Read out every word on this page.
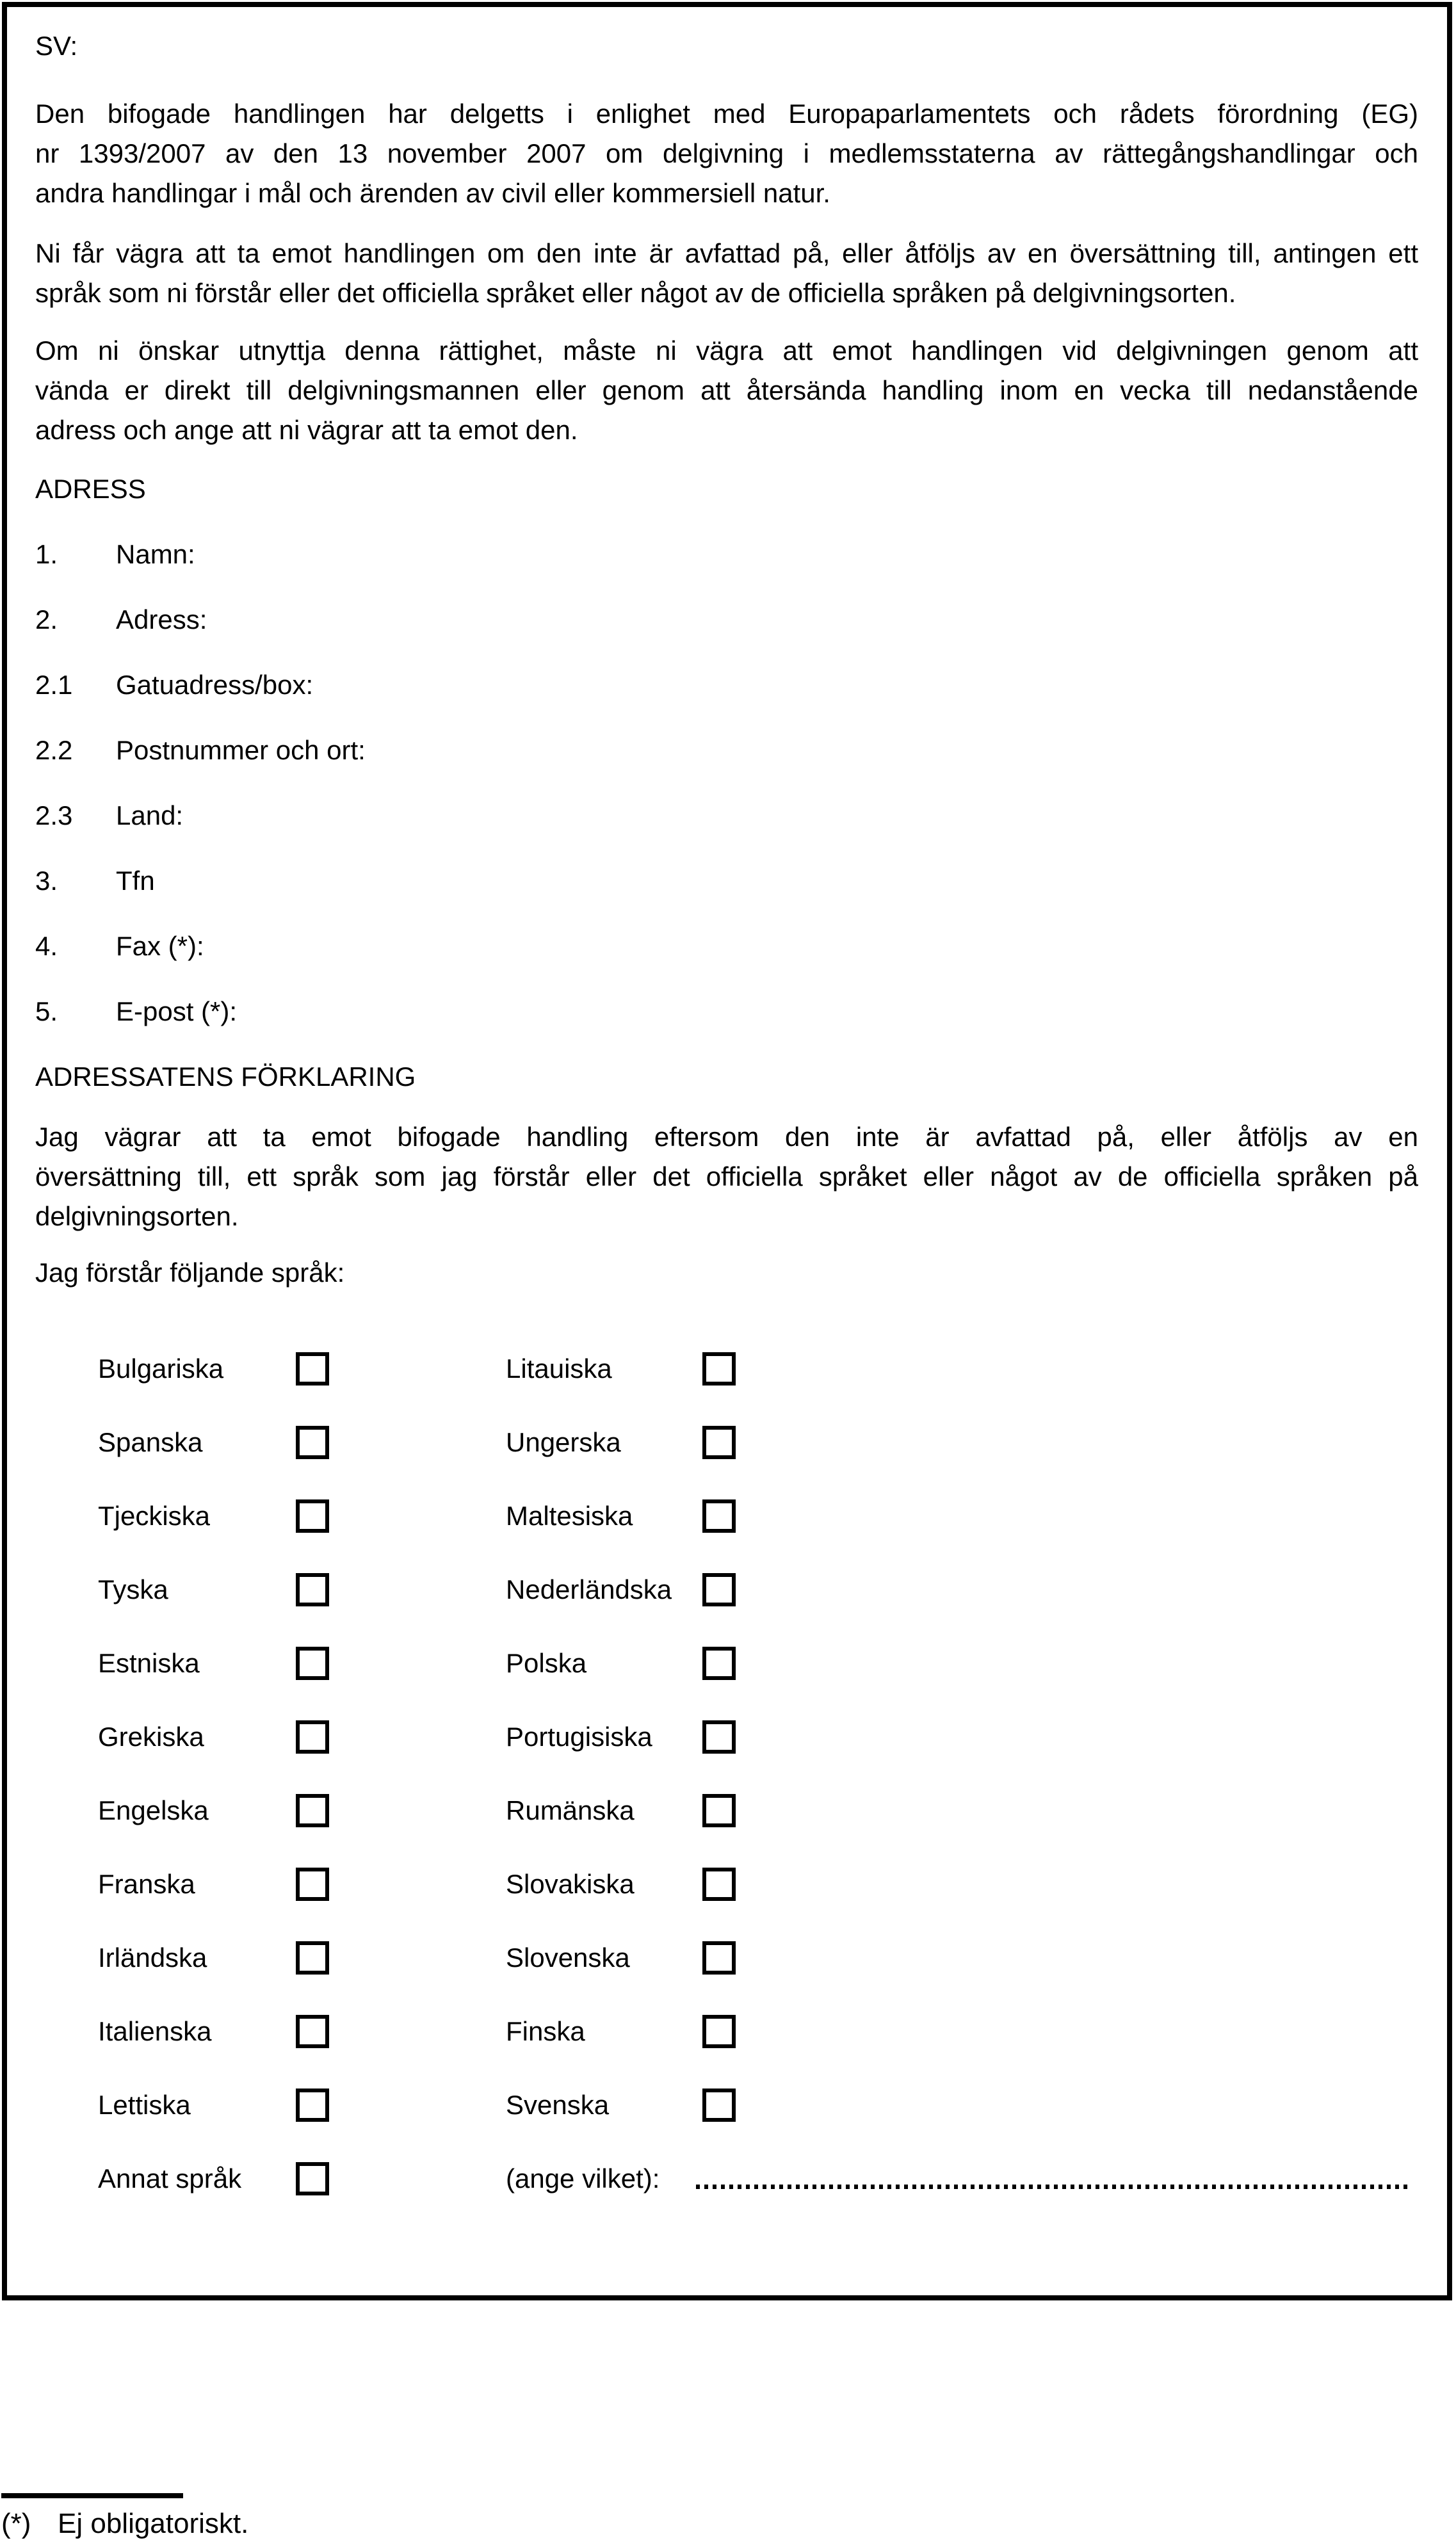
SV:

Den bifogade handlingen har delgetts i enlighet med Europaparlamentets och rådets förordning (EG)
nr 1393/2007 av den 13 november 2007 om delgivning i medlemsstaterna av rättegångshandlingar och
andra handlingar i mål och ärenden av civil eller kommersiell natur.
Ni får vägra att ta emot handlingen om den inte är avfattad på, eller åtföljs av en översättning till, antingen ett
språk som ni förstår eller det officiella språket eller något av de officiella språken på delgivningsorten.
Om ni önskar utnyttja denna rättighet, måste ni vägra att emot handlingen vid delgivningen genom att
vända er direkt till delgivningsmannen eller genom att återsända handling inom en vecka till nedanstående
adress och ange att ni vägrar att ta emot den.
ADRESS
1.	Namn:
2.	Adress:
2.1	Gatuadress/box:
2.2	Postnummer och ort:
2.3	Land:
3.	Tfn
4.	Fax (*):
5.	E-post (*):
ADRESSATENS FÖRKLARING
Jag vägrar att ta emot bifogade handling eftersom den inte är avfattad på, eller åtföljs av en
översättning till, ett språk som jag förstår eller det officiella språket eller något av de officiella språken på
delgivningsorten.
Jag förstår följande språk:
Bulgariska	Litauiska
Spanska	Ungerska
Tjeckiska	Maltesiska
Tyska	Nederländska
Estniska	Polska
Grekiska	Portugisiska
Engelska	Rumänska
Franska	Slovakiska
Irländska	Slovenska
Italienska	Finska
Lettiska	Svenska
Annat språk	(ange vilket):
(*) Ej obligatoriskt.
